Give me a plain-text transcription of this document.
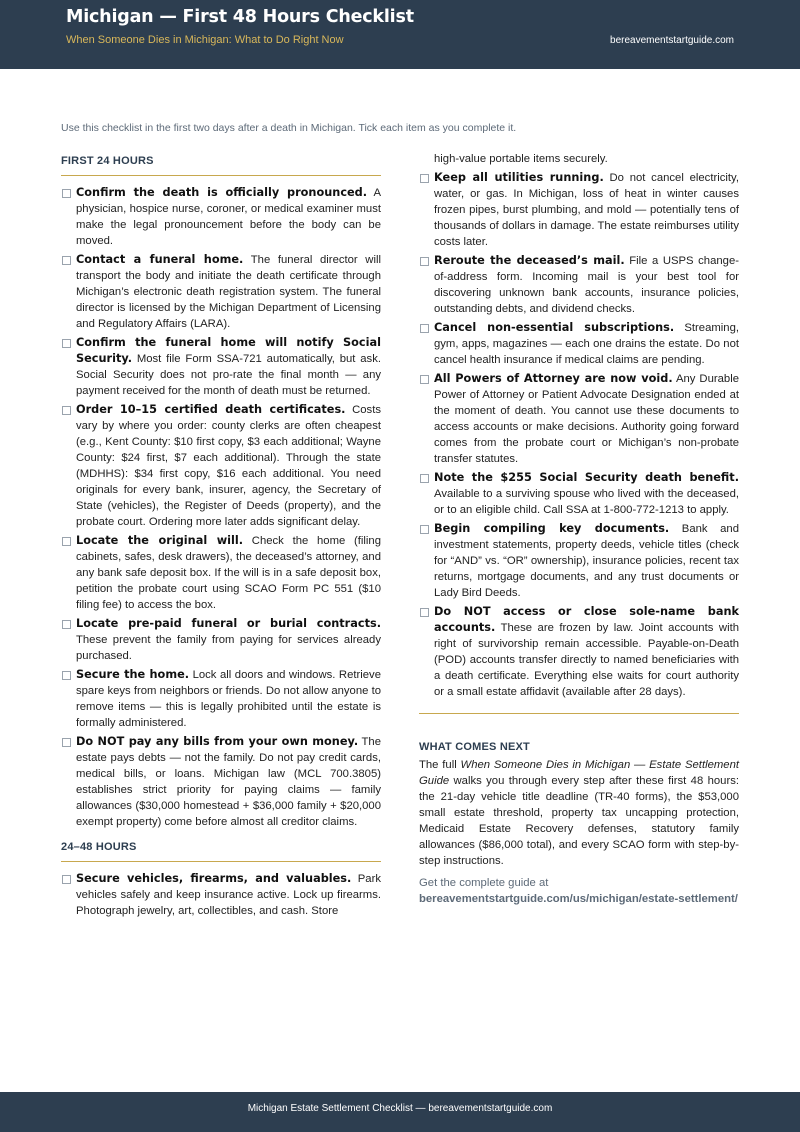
Michigan — First 48 Hours Checklist
When Someone Dies in Michigan: What to Do Right Now	bereavementstartguide.com
Use this checklist in the first two days after a death in Michigan. Tick each item as you complete it.
FIRST 24 HOURS
Confirm the death is officially pronounced. A physician, hospice nurse, coroner, or medical examiner must make the legal pronouncement before the body can be moved.
Contact a funeral home. The funeral director will transport the body and initiate the death certificate through Michigan’s electronic death registration system. The funeral director is licensed by the Michigan Department of Licensing and Regulatory Affairs (LARA).
Confirm the funeral home will notify Social Security. Most file Form SSA-721 automatically, but ask. Social Security does not pro-rate the final month — any payment received for the month of death must be returned.
Order 10–15 certified death certificates. Costs vary by where you order: county clerks are often cheapest (e.g., Kent County: $10 first copy, $3 each additional; Wayne County: $24 first, $7 each additional). Through the state (MDHHS): $34 first copy, $16 each additional. You need originals for every bank, insurer, agency, the Secretary of State (vehicles), the Register of Deeds (property), and the probate court. Ordering more later adds significant delay.
Locate the original will. Check the home (filing cabinets, safes, desk drawers), the deceased’s attorney, and any bank safe deposit box. If the will is in a safe deposit box, petition the probate court using SCAO Form PC 551 ($10 filing fee) to access the box.
Locate pre-paid funeral or burial contracts. These prevent the family from paying for services already purchased.
Secure the home. Lock all doors and windows. Retrieve spare keys from neighbors or friends. Do not allow anyone to remove items — this is legally prohibited until the estate is formally administered.
Do NOT pay any bills from your own money. The estate pays debts — not the family. Do not pay credit cards, medical bills, or loans. Michigan law (MCL 700.3805) establishes strict priority for paying claims — family allowances ($30,000 homestead + $36,000 family + $20,000 exempt property) come before almost all creditor claims.
24–48 HOURS
Secure vehicles, firearms, and valuables. Park vehicles safely and keep insurance active. Lock up firearms. Photograph jewelry, art, collectibles, and cash. Store
high-value portable items securely.
Keep all utilities running. Do not cancel electricity, water, or gas. In Michigan, loss of heat in winter causes frozen pipes, burst plumbing, and mold — potentially tens of thousands of dollars in damage. The estate reimburses utility costs later.
Reroute the deceased’s mail. File a USPS change-of-address form. Incoming mail is your best tool for discovering unknown bank accounts, insurance policies, outstanding debts, and dividend checks.
Cancel non-essential subscriptions. Streaming, gym, apps, magazines — each one drains the estate. Do not cancel health insurance if medical claims are pending.
All Powers of Attorney are now void. Any Durable Power of Attorney or Patient Advocate Designation ended at the moment of death. You cannot use these documents to access accounts or make decisions. Authority going forward comes from the probate court or Michigan’s non-probate transfer statutes.
Note the $255 Social Security death benefit. Available to a surviving spouse who lived with the deceased, or to an eligible child. Call SSA at 1-800-772-1213 to apply.
Begin compiling key documents. Bank and investment statements, property deeds, vehicle titles (check for “AND” vs. “OR” ownership), insurance policies, recent tax returns, mortgage documents, and any trust documents or Lady Bird Deeds.
Do NOT access or close sole-name bank accounts. These are frozen by law. Joint accounts with right of survivorship remain accessible. Payable-on-Death (POD) accounts transfer directly to named beneficiaries with a death certificate. Everything else waits for court authority or a small estate affidavit (available after 28 days).
WHAT COMES NEXT
The full When Someone Dies in Michigan — Estate Settlement Guide walks you through every step after these first 48 hours: the 21-day vehicle title deadline (TR-40 forms), the $53,000 small estate threshold, property tax uncapping protection, Medicaid Estate Recovery defenses, statutory family allowances ($86,000 total), and every SCAO form with step-by-step instructions.
Get the complete guide at
bereavementstartguide.com/us/michigan/estate-settlement/
Michigan Estate Settlement Checklist — bereavementstartguide.com
